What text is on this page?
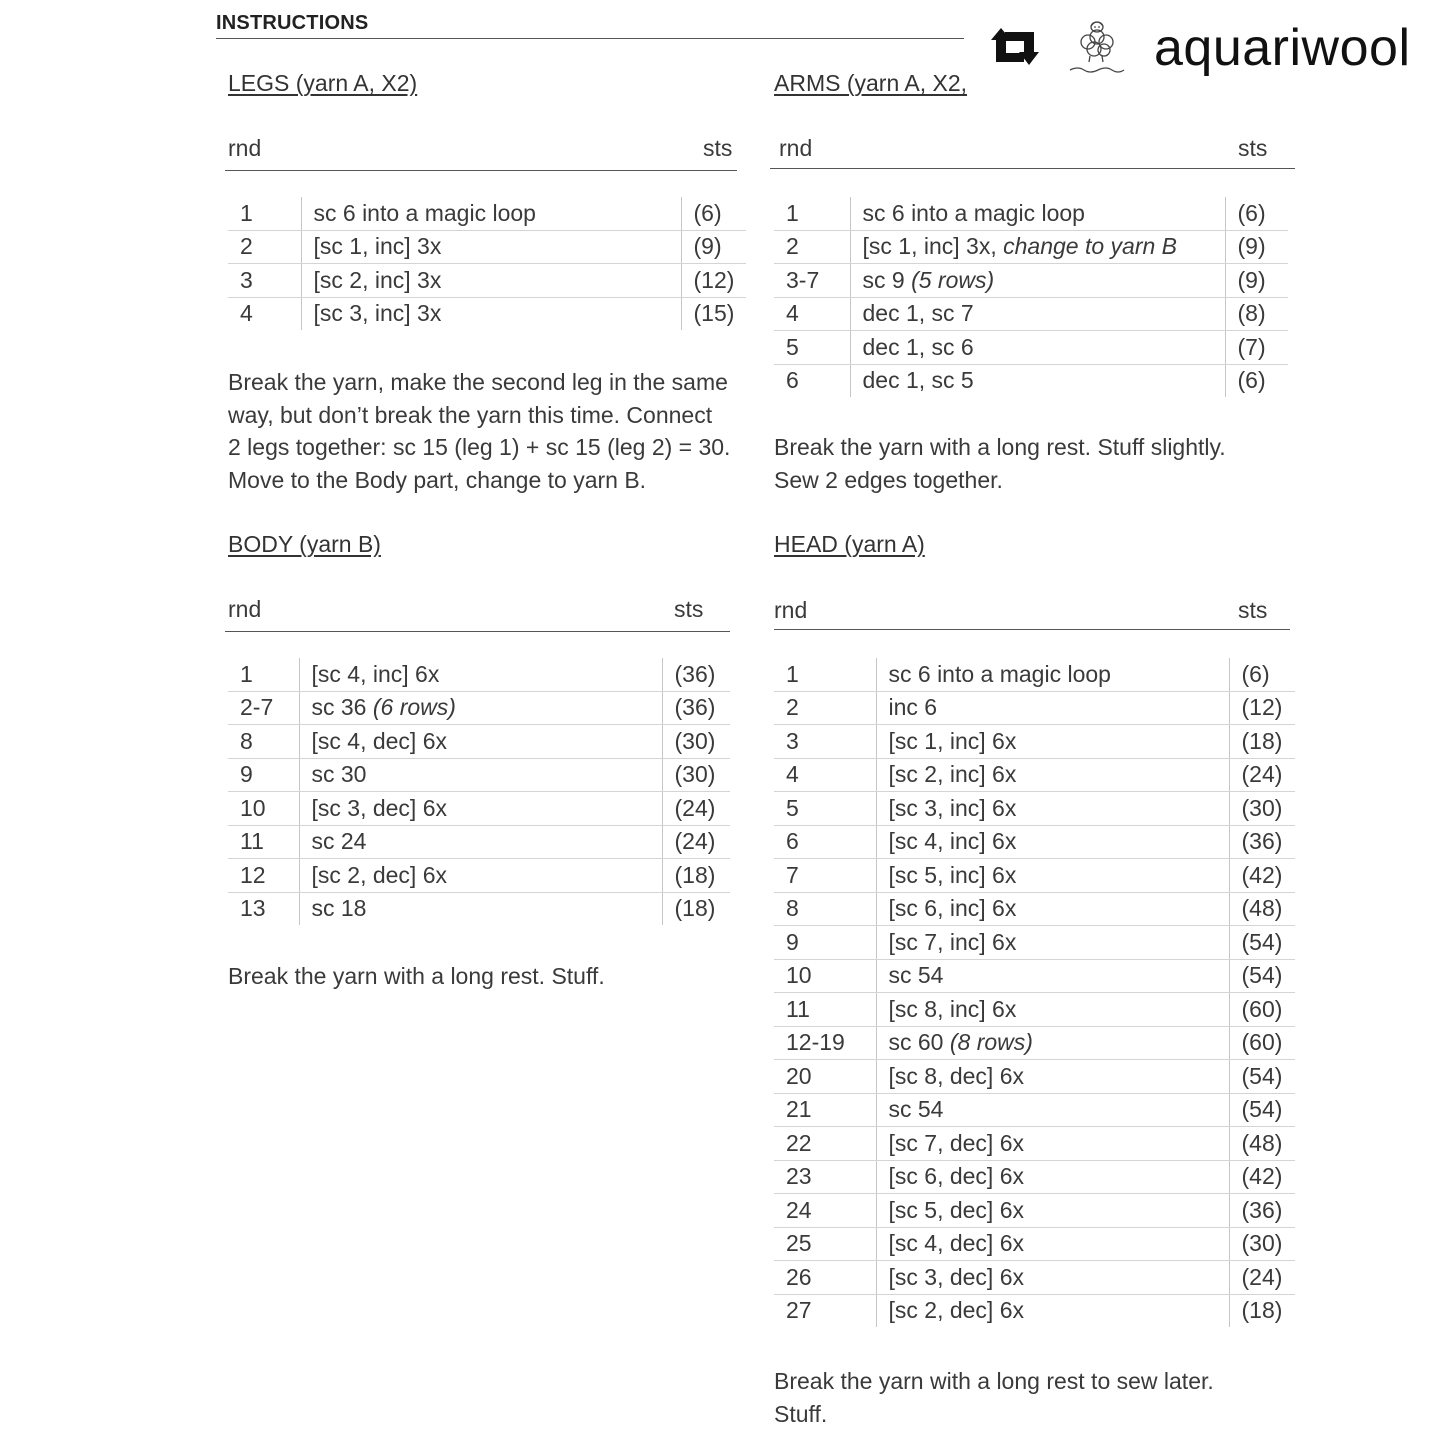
INSTRUCTIONS	aquariwool
LEGS (yarn A, X2)
rnd	sts
1	sc 6 into a magic loop	(6)
2	[sc 1, inc] 3x	(9)
3	[sc 2, inc] 3x	(12)
4	[sc 3, inc] 3x	(15)
Break the yarn, make the second leg in the same
way, but don’t break the yarn this time. Connect
2 legs together: sc 15 (leg 1) + sc 15 (leg 2) = 30.
Move to the Body part, change to yarn B.
ARMS (yarn A, X2,
rnd	sts
1	sc 6 into a magic loop	(6)
2	[sc 1, inc] 3x, change to yarn B	(9)
3-7	sc 9 (5 rows)	(9)
4	dec 1, sc 7	(8)
5	dec 1, sc 6	(7)
6	dec 1, sc 5	(6)
Break the yarn with a long rest. Stuff slightly.
Sew 2 edges together.
BODY (yarn B)
rnd	sts
1	[sc 4, inc] 6x	(36)
2-7	sc 36 (6 rows)	(36)
8	[sc 4, dec] 6x	(30)
9	sc 30	(30)
10	[sc 3, dec] 6x	(24)
11	sc 24	(24)
12	[sc 2, dec] 6x	(18)
13	sc 18	(18)
Break the yarn with a long rest. Stuff.
HEAD (yarn A)
rnd	sts
1	sc 6 into a magic loop	(6)
2	inc 6	(12)
3	[sc 1, inc] 6x	(18)
4	[sc 2, inc] 6x	(24)
5	[sc 3, inc] 6x	(30)
6	[sc 4, inc] 6x	(36)
7	[sc 5, inc] 6x	(42)
8	[sc 6, inc] 6x	(48)
9	[sc 7, inc] 6x	(54)
10	sc 54	(54)
11	[sc 8, inc] 6x	(60)
12-19	sc 60 (8 rows)	(60)
20	[sc 8, dec] 6x	(54)
21	sc 54	(54)
22	[sc 7, dec] 6x	(48)
23	[sc 6, dec] 6x	(42)
24	[sc 5, dec] 6x	(36)
25	[sc 4, dec] 6x	(30)
26	[sc 3, dec] 6x	(24)
27	[sc 2, dec] 6x	(18)
Break the yarn with a long rest to sew later.
Stuff.
